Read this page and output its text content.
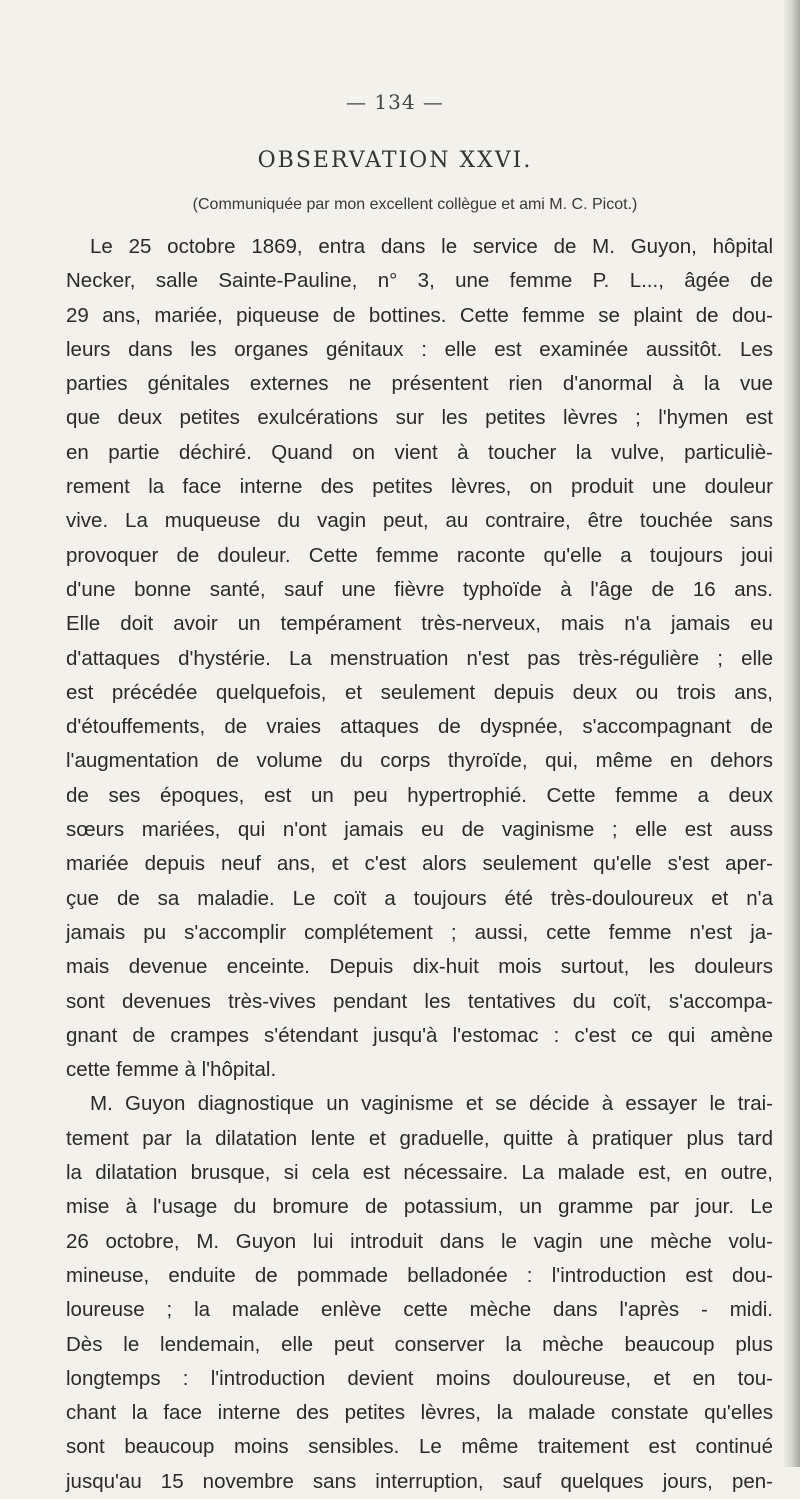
— 134 —
OBSERVATION XXVI.
(Communiquée par mon excellent collègue et ami M. C. Picot.)
Le 25 octobre 1869, entra dans le service de M. Guyon, hôpital
Necker, salle Sainte-Pauline, n° 3, une femme P. L..., âgée de
29 ans, mariée, piqueuse de bottines. Cette femme se plaint de dou-
leurs dans les organes génitaux : elle est examinée aussitôt. Les
parties génitales externes ne présentent rien d'anormal à la vue
que deux petites exulcérations sur les petites lèvres ; l'hymen est
en partie déchiré. Quand on vient à toucher la vulve, particuliè-
rement la face interne des petites lèvres, on produit une douleur
vive. La muqueuse du vagin peut, au contraire, être touchée sans
provoquer de douleur. Cette femme raconte qu'elle a toujours joui
d'une bonne santé, sauf une fièvre typhoïde à l'âge de 16 ans.
Elle doit avoir un tempérament très-nerveux, mais n'a jamais eu
d'attaques d'hystérie. La menstruation n'est pas très-régulière ; elle
est précédée quelquefois, et seulement depuis deux ou trois ans,
d'étouffements, de vraies attaques de dyspnée, s'accompagnant de
l'augmentation de volume du corps thyroïde, qui, même en dehors
de ses époques, est un peu hypertrophié. Cette femme a deux
sœurs mariées, qui n'ont jamais eu de vaginisme ; elle est auss
mariée depuis neuf ans, et c'est alors seulement qu'elle s'est aper-
çue de sa maladie. Le coït a toujours été très-douloureux et n'a
jamais pu s'accomplir complétement ; aussi, cette femme n'est ja-
mais devenue enceinte. Depuis dix-huit mois surtout, les douleurs
sont devenues très-vives pendant les tentatives du coït, s'accompa-
gnant de crampes s'étendant jusqu'à l'estomac : c'est ce qui amène
cette femme à l'hôpital.
M. Guyon diagnostique un vaginisme et se décide à essayer le trai-
tement par la dilatation lente et graduelle, quitte à pratiquer plus tard
la dilatation brusque, si cela est nécessaire. La malade est, en outre,
mise à l'usage du bromure de potassium, un gramme par jour. Le
26 octobre, M. Guyon lui introduit dans le vagin une mèche volu-
mineuse, enduite de pommade belladonée : l'introduction est dou-
loureuse ; la malade enlève cette mèche dans l'après - midi.
Dès le lendemain, elle peut conserver la mèche beaucoup plus
longtemps : l'introduction devient moins douloureuse, et en tou-
chant la face interne des petites lèvres, la malade constate qu'elles
sont beaucoup moins sensibles. Le même traitement est continué
jusqu'au 15 novembre sans interruption, sauf quelques jours, pen-
